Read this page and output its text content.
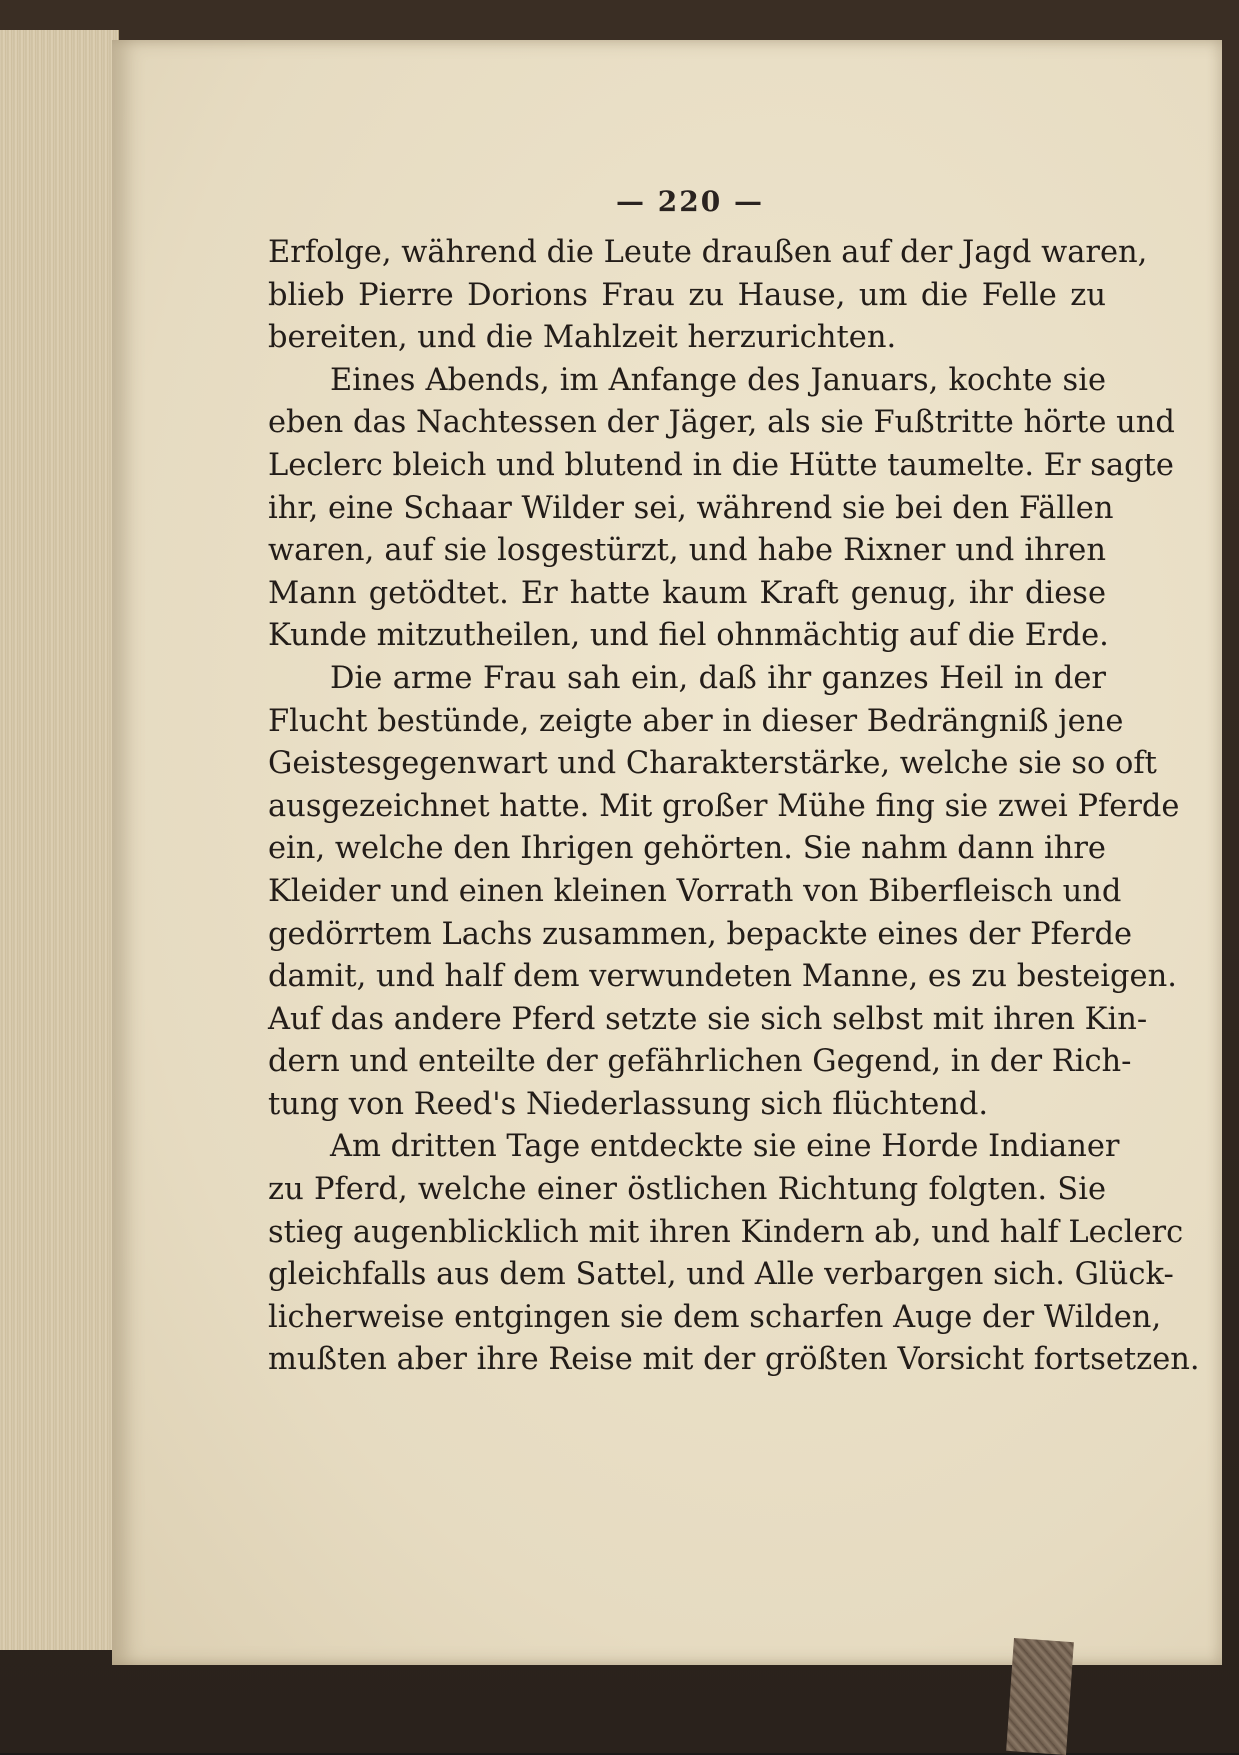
— 220 —
Erfolge, während die Leute draußen auf der Jagd waren,
blieb Pierre Dorions Frau zu Hause, um die Felle zu
bereiten, und die Mahlzeit herzurichten.
Eines Abends, im Anfange des Januars, kochte sie
eben das Nachtessen der Jäger, als sie Fußtritte hörte und
Leclerc bleich und blutend in die Hütte taumelte. Er sagte
ihr, eine Schaar Wilder sei, während sie bei den Fällen
waren, auf sie losgestürzt, und habe Rixner und ihren
Mann getödtet. Er hatte kaum Kraft genug, ihr diese
Kunde mitzutheilen, und fiel ohnmächtig auf die Erde.
Die arme Frau sah ein, daß ihr ganzes Heil in der
Flucht bestünde, zeigte aber in dieser Bedrängniß jene
Geistesgegenwart und Charakterstärke, welche sie so oft
ausgezeichnet hatte. Mit großer Mühe fing sie zwei Pferde
ein, welche den Ihrigen gehörten. Sie nahm dann ihre
Kleider und einen kleinen Vorrath von Biberfleisch und
gedörrtem Lachs zusammen, bepackte eines der Pferde
damit, und half dem verwundeten Manne, es zu besteigen.
Auf das andere Pferd setzte sie sich selbst mit ihren Kin-
dern und enteilte der gefährlichen Gegend, in der Rich-
tung von Reed's Niederlassung sich flüchtend.
Am dritten Tage entdeckte sie eine Horde Indianer
zu Pferd, welche einer östlichen Richtung folgten. Sie
stieg augenblicklich mit ihren Kindern ab, und half Leclerc
gleichfalls aus dem Sattel, und Alle verbargen sich. Glück-
licherweise entgingen sie dem scharfen Auge der Wilden,
mußten aber ihre Reise mit der größten Vorsicht fortsetzen.
